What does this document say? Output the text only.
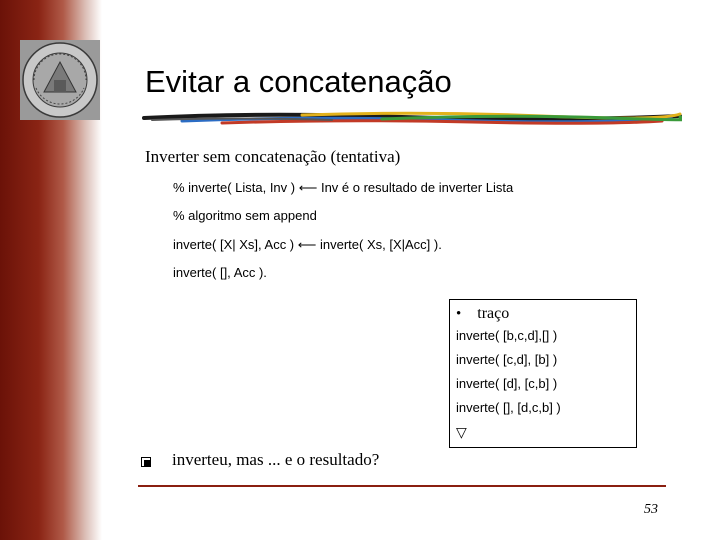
Evitar a concatenação
Inverter sem concatenação (tentativa)
% inverte( Lista, Inv ) ⟵ Inv é o resultado de inverter Lista
% algoritmo sem append
inverte( [X| Xs], Acc ) ⟵ inverte( Xs, [X|Acc] ).
inverte( [], Acc ).
• traço
inverte( [b,c,d],[] )
inverte( [c,d], [b] )
inverte( [d], [c,b] )
inverte( [], [d,c,b] )
▽
inverteu, mas ... e o resultado?
53
